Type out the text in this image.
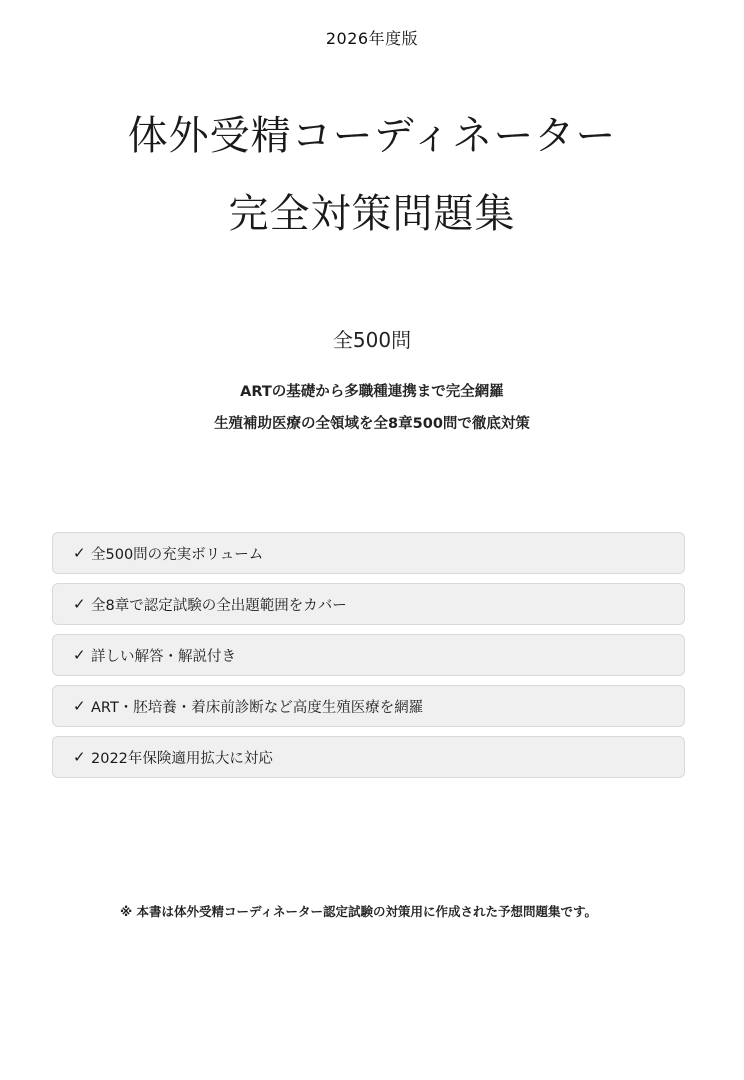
2026年度版
体外受精コーディネーター
完全対策問題集
全500問
ARTの基礎から多職種連携まで完全網羅
生殖補助医療の全領域を全8章500問で徹底対策
✓ 全500問の充実ボリューム
✓ 全8章で認定試験の全出題範囲をカバー
✓ 詳しい解答・解説付き
✓ ART・胚培養・着床前診断など高度生殖医療を網羅
✓ 2022年保険適用拡大に対応
※ 本書は体外受精コーディネーター認定試験の対策用に作成された予想問題集です。
